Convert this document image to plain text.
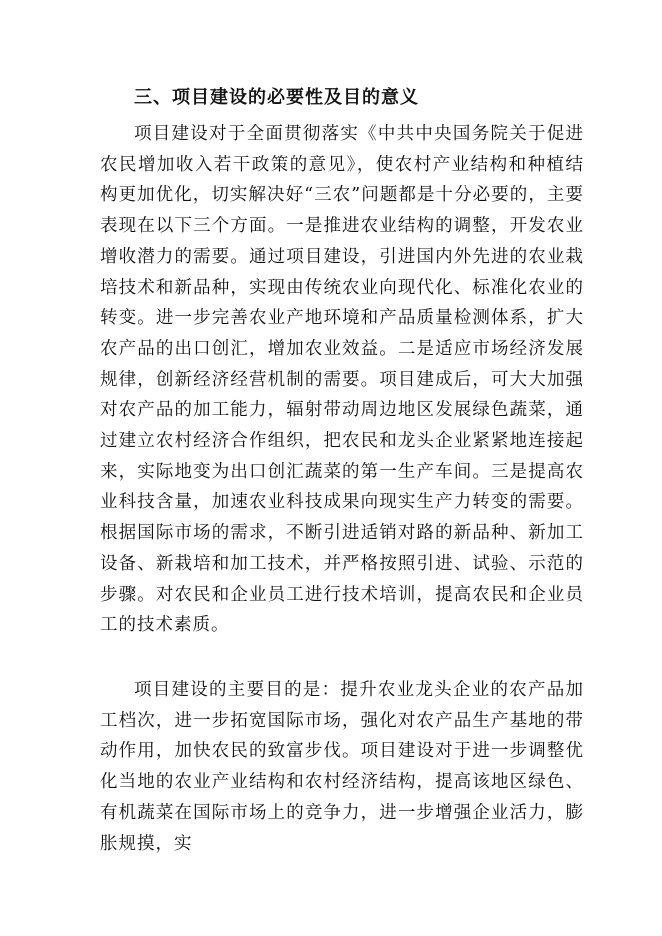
三、项目建设的必要性及目的意义

项目建设对于全面贯彻落实《中共中央国务院关于促进农民增加收入若干政策的意见》，使农村产业结构和种植结构更加优化，切实解决好“三农”问题都是十分必要的，主要表现在以下三个方面。一是推进农业结构的调整，开发农业增收潜力的需要。通过项目建设，引进国内外先进的农业栽培技术和新品种，实现由传统农业向现代化、标准化农业的转变。进一步完善农业产地环境和产品质量检测体系，扩大农产品的出口创汇，增加农业效益。二是适应市场经济发展规律，创新经济经营机制的需要。项目建成后，可大大加强对农产品的加工能力，辐射带动周边地区发展绿色蔬菜，通过建立农村经济合作组织，把农民和龙头企业紧紧地连接起来，实际地变为出口创汇蔬菜的第一生产车间。三是提高农业科技含量，加速农业科技成果向现实生产力转变的需要。根据国际市场的需求，不断引进适销对路的新品种、新加工设备、新栽培和加工技术，并严格按照引进、试验、示范的步骤。对农民和企业员工进行技术培训，提高农民和企业员工的技术素质。

项目建设的主要目的是：提升农业龙头企业的农产品加工档次，进一步拓宽国际市场，强化对农产品生产基地的带动作用，加快农民的致富步伐。项目建设对于进一步调整优化当地的农业产业结构和农村经济结构，提高该地区绿色、有机蔬菜在国际市场上的竞争力，进一步增强企业活力，膨胀规摸，实
